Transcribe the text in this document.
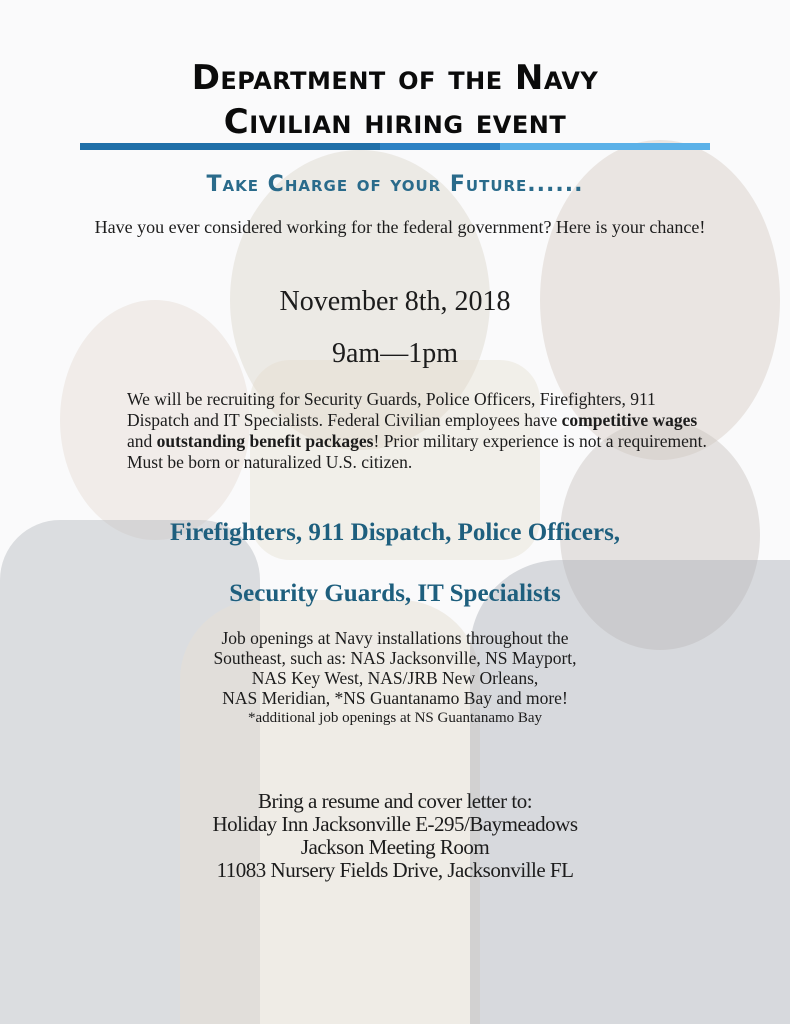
Department of the Navy
Civilian hiring event
Take Charge of your Future......
Have you ever considered working for the federal government? Here is your chance!
November 8th, 2018
9am—1pm
We will be recruiting for Security Guards, Police Officers, Firefighters, 911 Dispatch and IT Specialists. Federal Civilian employees have competitive wages and outstanding benefit packages! Prior military experience is not a requirement. Must be born or naturalized U.S. citizen.
Firefighters, 911 Dispatch, Police Officers,
Security Guards, IT Specialists
Job openings at Navy installations throughout the
Southeast, such as: NAS Jacksonville, NS Mayport,
NAS Key West, NAS/JRB New Orleans,
NAS Meridian, *NS Guantanamo Bay and more!
*additional job openings at NS Guantanamo Bay
Bring a resume and cover letter to:
Holiday Inn Jacksonville E-295/Baymeadows
Jackson Meeting Room
11083 Nursery Fields Drive, Jacksonville FL
